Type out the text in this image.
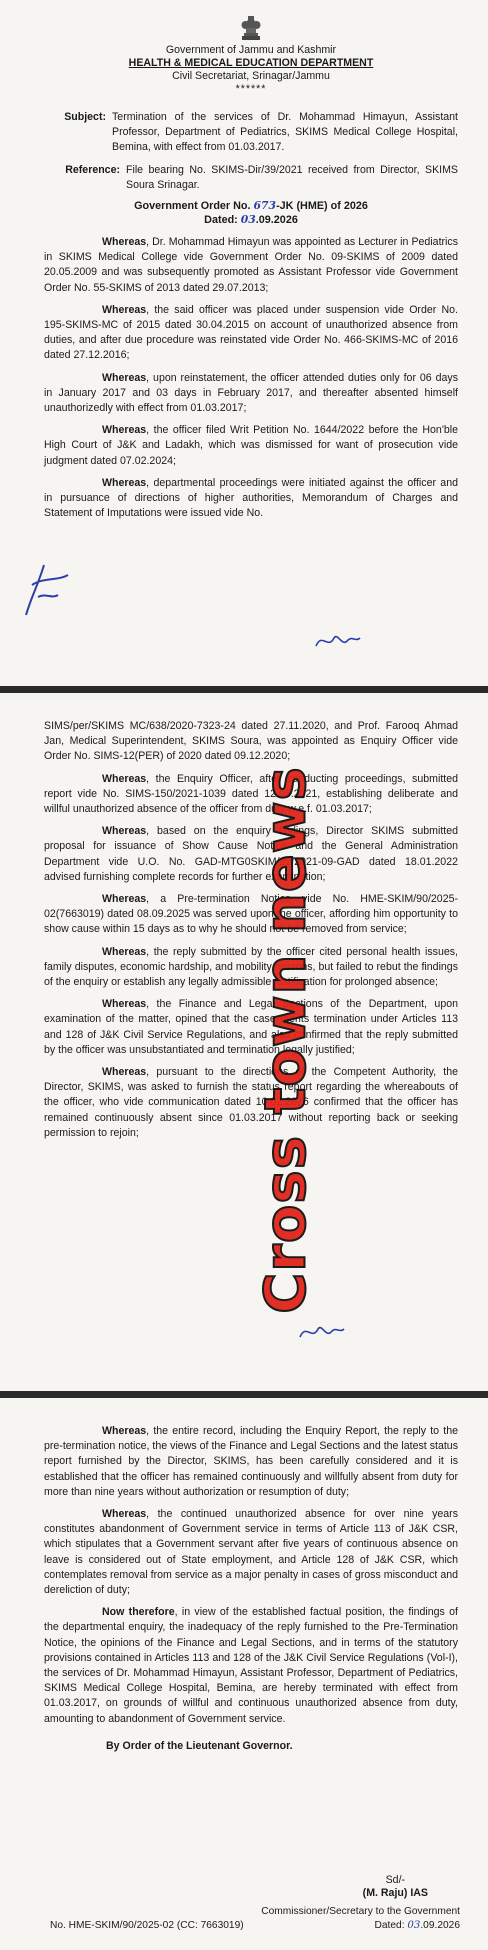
Government of Jammu and Kashmir
HEALTH & MEDICAL EDUCATION DEPARTMENT
Civil Secretariat, Srinagar/Jammu
******
Subject: Termination of the services of Dr. Mohammad Himayun, Assistant Professor, Department of Pediatrics, SKIMS Medical College Hospital, Bemina, with effect from 01.03.2017.
Reference: File bearing No. SKIMS-Dir/39/2021 received from Director, SKIMS Soura Srinagar.
Government Order No. 673-JK (HME) of 2026
Dated: 03.09.2026

Whereas, Dr. Mohammad Himayun was appointed as Lecturer in Pediatrics in SKIMS Medical College vide Government Order No. 09-SKIMS of 2009 dated 20.05.2009 and was subsequently promoted as Assistant Professor vide Government Order No. 55-SKIMS of 2013 dated 29.07.2013;

Whereas, the said officer was placed under suspension vide Order No. 195-SKIMS-MC of 2015 dated 30.04.2015 on account of unauthorized absence from duties, and after due procedure was reinstated vide Order No. 466-SKIMS-MC of 2016 dated 27.12.2016;

Whereas, upon reinstatement, the officer attended duties only for 06 days in January 2017 and 03 days in February 2017, and thereafter absented himself unauthorizedly with effect from 01.03.2017;

Whereas, the officer filed Writ Petition No. 1644/2022 before the Hon'ble High Court of J&K and Ladakh, which was dismissed for want of prosecution vide judgment dated 07.02.2024;

Whereas, departmental proceedings were initiated against the officer and in pursuance of directions of higher authorities, Memorandum of Charges and Statement of Imputations were issued vide No.

SIMS/per/SKIMS MC/638/2020-7323-24 dated 27.11.2020, and Prof. Farooq Ahmad Jan, Medical Superintendent, SKIMS Soura, was appointed as Enquiry Officer vide Order No. SIMS-12(PER) of 2020 dated 09.12.2020;

Whereas, the Enquiry Officer, after conducting proceedings, submitted report vide No. SIMS-150/2021-1039 dated 12.06.2021, establishing deliberate and willful unauthorized absence of the officer from duty w.e.f. 01.03.2017;

Whereas, based on the enquiry findings, Director SKIMS submitted proposal for issuance of Show Cause Notice and the General Administration Department vide U.O. No. GAD-MTG0SKIM/22/2021-09-GAD dated 18.01.2022 advised furnishing complete records for further examination;

Whereas, a Pre-termination Notice vide No. HME-SKIM/90/2025-02(7663019) dated 08.09.2025 was served upon the officer, affording him opportunity to show cause within 15 days as to why he should not be removed from service;

Whereas, the reply submitted by the officer cited personal health issues, family disputes, economic hardship, and mobility reasons, but failed to rebut the findings of the enquiry or establish any legally admissible justification for prolonged absence;

Whereas, the Finance and Legal Sections of the Department, upon examination of the matter, opined that the case merits termination under Articles 113 and 128 of J&K Civil Service Regulations, and also confirmed that the reply submitted by the officer was unsubstantiated and termination legally justified;

Whereas, pursuant to the directions of the Competent Authority, the Director, SKIMS, was asked to furnish the status report regarding the whereabouts of the officer, who vide communication dated 10.02.2026 confirmed that the officer has remained continuously absent since 01.03.2017 without reporting back or seeking permission to rejoin;

Whereas, the entire record, including the Enquiry Report, the reply to the pre-termination notice, the views of the Finance and Legal Sections and the latest status report furnished by the Director, SKIMS, has been carefully considered and it is established that the officer has remained continuously and willfully absent from duty for more than nine years without authorization or resumption of duty;

Whereas, the continued unauthorized absence for over nine years constitutes abandonment of Government service in terms of Article 113 of J&K CSR, which stipulates that a Government servant after five years of continuous absence on leave is considered out of State employment, and Article 128 of J&K CSR, which contemplates removal from service as a major penalty in cases of gross misconduct and dereliction of duty;

Now therefore, in view of the established factual position, the findings of the departmental enquiry, the inadequacy of the reply furnished to the Pre-Termination Notice, the opinions of the Finance and Legal Sections, and in terms of the statutory provisions contained in Articles 113 and 128 of the J&K Civil Service Regulations (Vol-I), the services of Dr. Mohammad Himayun, Assistant Professor, Department of Pediatrics, SKIMS Medical College Hospital, Bemina, are hereby terminated with effect from 01.03.2017, on grounds of willful and continuous unauthorized absence from duty, amounting to abandonment of Government service.

By Order of the Lieutenant Governor.

Sd/-
(M. Raju) IAS
Commissioner/Secretary to the Government
No. HME-SKIM/90/2025-02 (CC: 7663019)	Dated: 03.09.2026
Cross town news
